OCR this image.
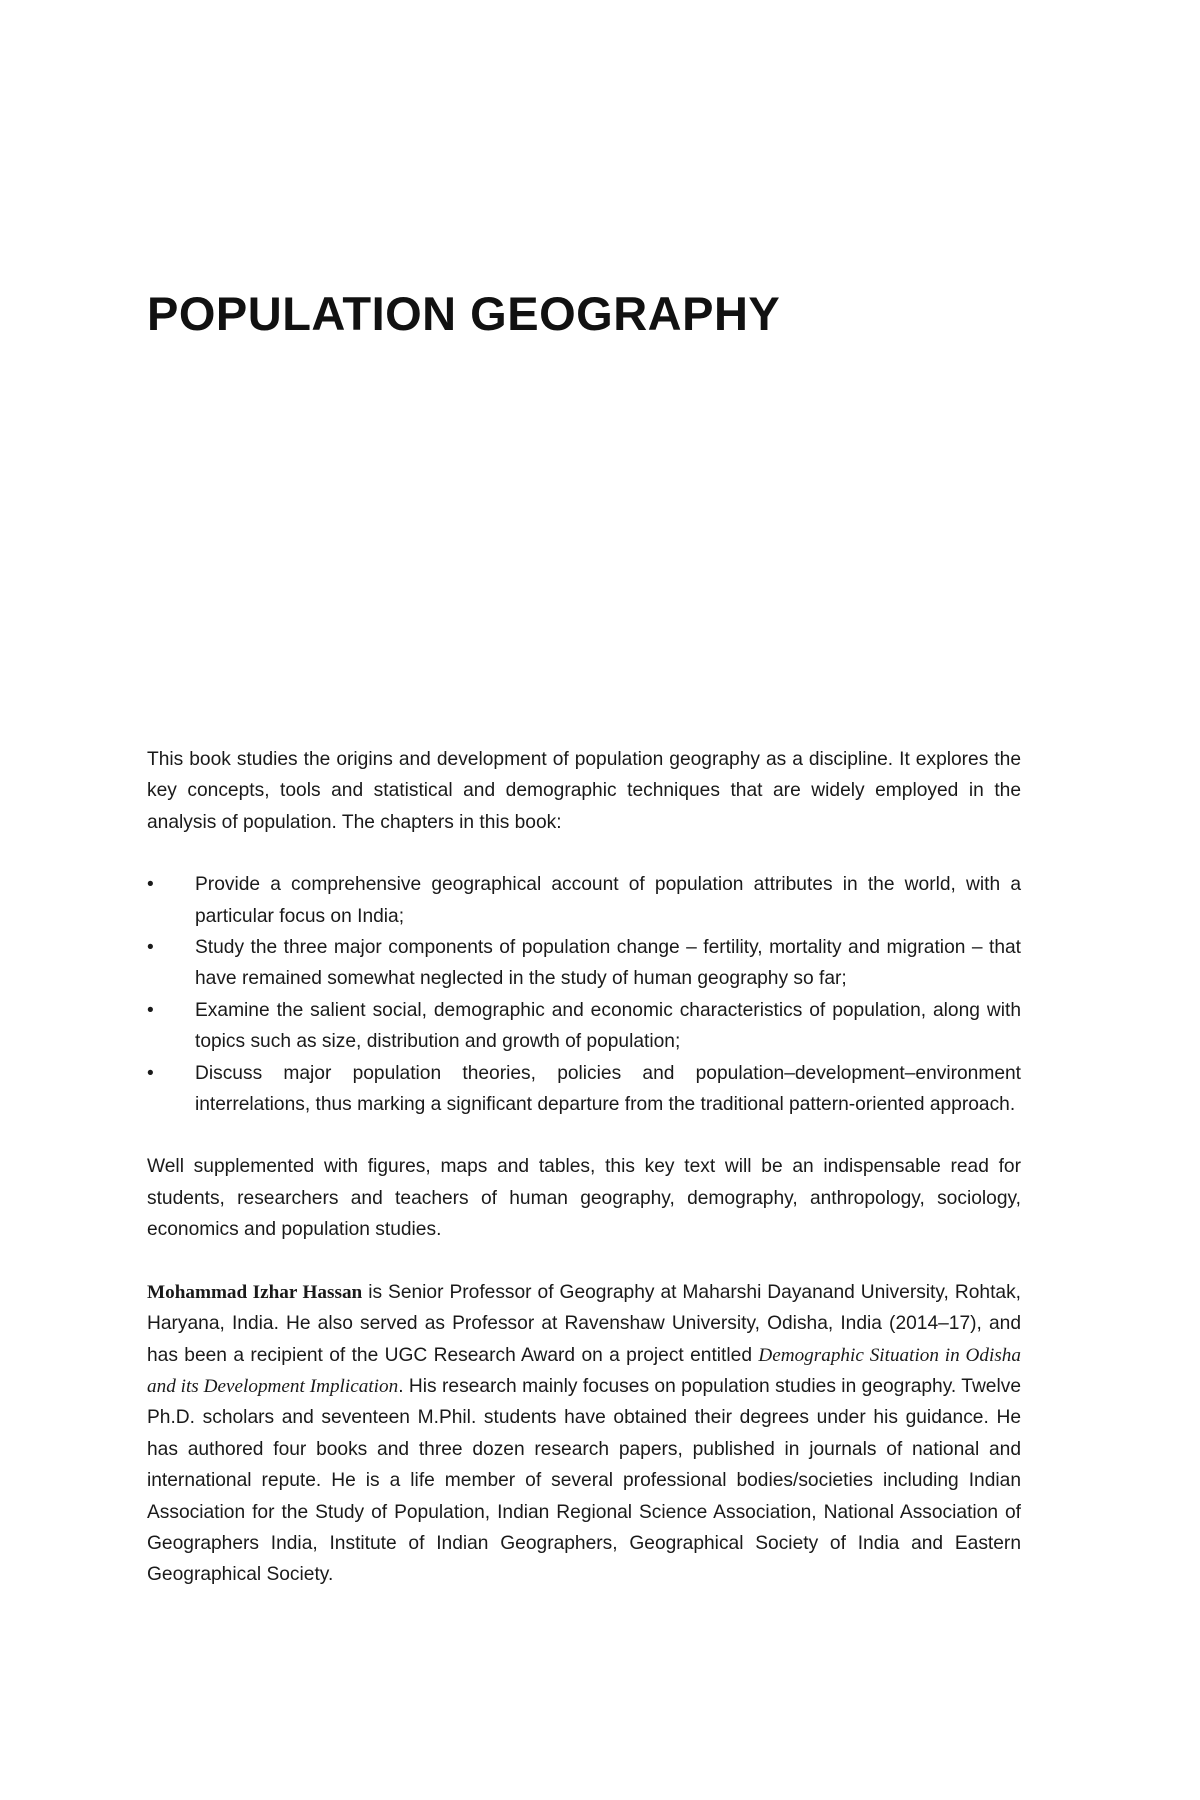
POPULATION GEOGRAPHY

This book studies the origins and development of population geography as a discipline. It explores the key concepts, tools and statistical and demographic techniques that are widely employed in the analysis of population. The chapters in this book:

•	Provide a comprehensive geographical account of population attributes in the world, with a particular focus on India;
•	Study the three major components of population change – fertility, mortality and migration – that have remained somewhat neglected in the study of human geography so far;
•	Examine the salient social, demographic and economic characteristics of population, along with topics such as size, distribution and growth of population;
•	Discuss major population theories, policies and population–development–environment interrelations, thus marking a significant departure from the traditional pattern-oriented approach.

Well supplemented with figures, maps and tables, this key text will be an indispensable read for students, researchers and teachers of human geography, demography, anthropology, sociology, economics and population studies.

Mohammad Izhar Hassan is Senior Professor of Geography at Maharshi Dayanand University, Rohtak, Haryana, India. He also served as Professor at Ravenshaw University, Odisha, India (2014–17), and has been a recipient of the UGC Research Award on a project entitled Demographic Situation in Odisha and its Development Implication. His research mainly focuses on population studies in geography. Twelve Ph.D. scholars and seventeen M.Phil. students have obtained their degrees under his guidance. He has authored four books and three dozen research papers, published in journals of national and international repute. He is a life member of several professional bodies/societies including Indian Association for the Study of Population, Indian Regional Science Association, National Association of Geographers India, Institute of Indian Geographers, Geographical Society of India and Eastern Geographical Society.
